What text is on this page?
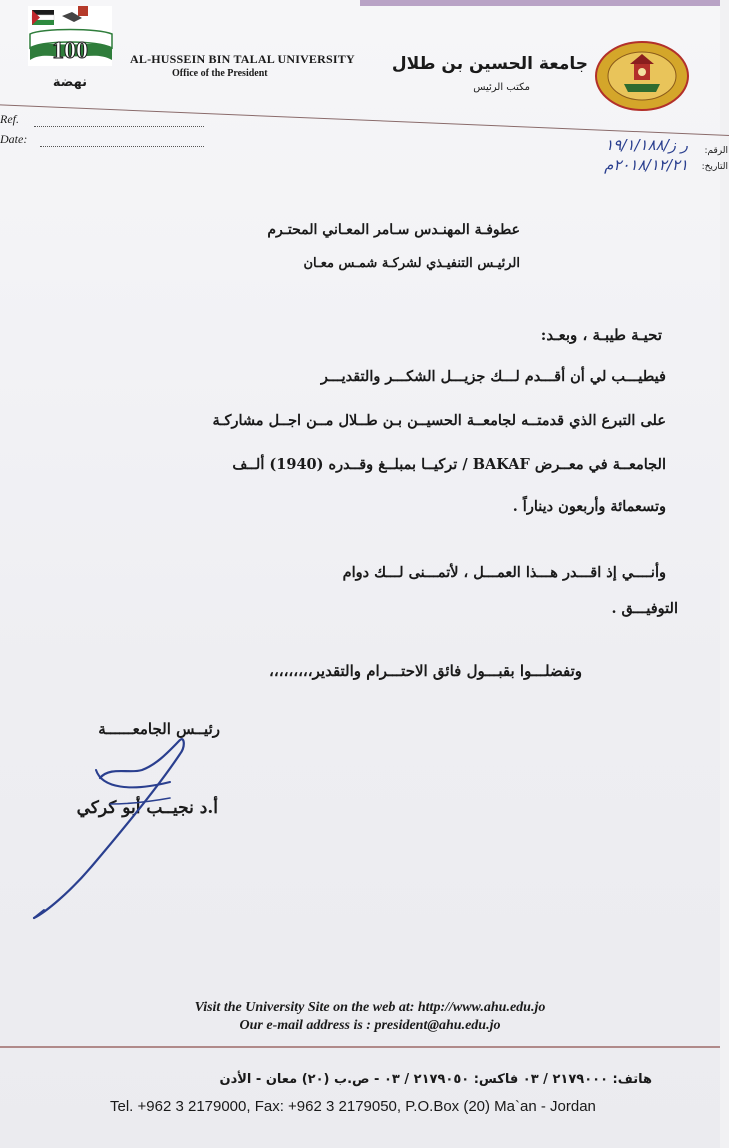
100
نهضة
AL-HUSSEIN BIN TALAL UNIVERSITY
Office of the President	جامعة الحسين بن طلال
مكتب الرئيس
Ref.
Date:
الرقم:
التاريخ:
ر ز/١٩/١/١٨٨
٢٠١٨/١٢/٢١م
عطوفـة المهنـدس سـامر المعـاني المحتـرم
الرئيـس التنفيـذي لشركـة شمـس معـان
تحيـة طيبـة ، وبعـد:
فيطيـــب لي أن أقـــدم لـــك جزيـــل الشكـــر والتقديـــر
على التبرع الذي قدمتــه لجامعــة الحسيــن بـن طــلال مــن اجــل مشاركـة
الجامعــة في معــرض BAKAF / تركيــا بمبلــغ وقــدره (1940) ألــف
وتسعمائة وأربعون ديناراً .
وأنــــي إذ اقـــدر هـــذا العمـــل ، لأتمـــنى لـــك دوام
التوفيـــق .
وتفضلـــوا بقبـــول فائق الاحتـــرام والتقدير،،،،،،،،،
رئيــس الجامعــــــة
أ.د نجيــب أبو كركي
Visit the University Site on the web at: http://www.ahu.edu.jo
Our e-mail address is : president@ahu.edu.jo
هاتف: ٢١٧٩٠٠٠ / ٠٣ فاكس: ٢١٧٩٠٥٠ / ٠٣ - ص.ب (٢٠) معان - الأدن
Tel. +962 3 2179000, Fax: +962 3 2179050, P.O.Box (20) Ma`an - Jordan
